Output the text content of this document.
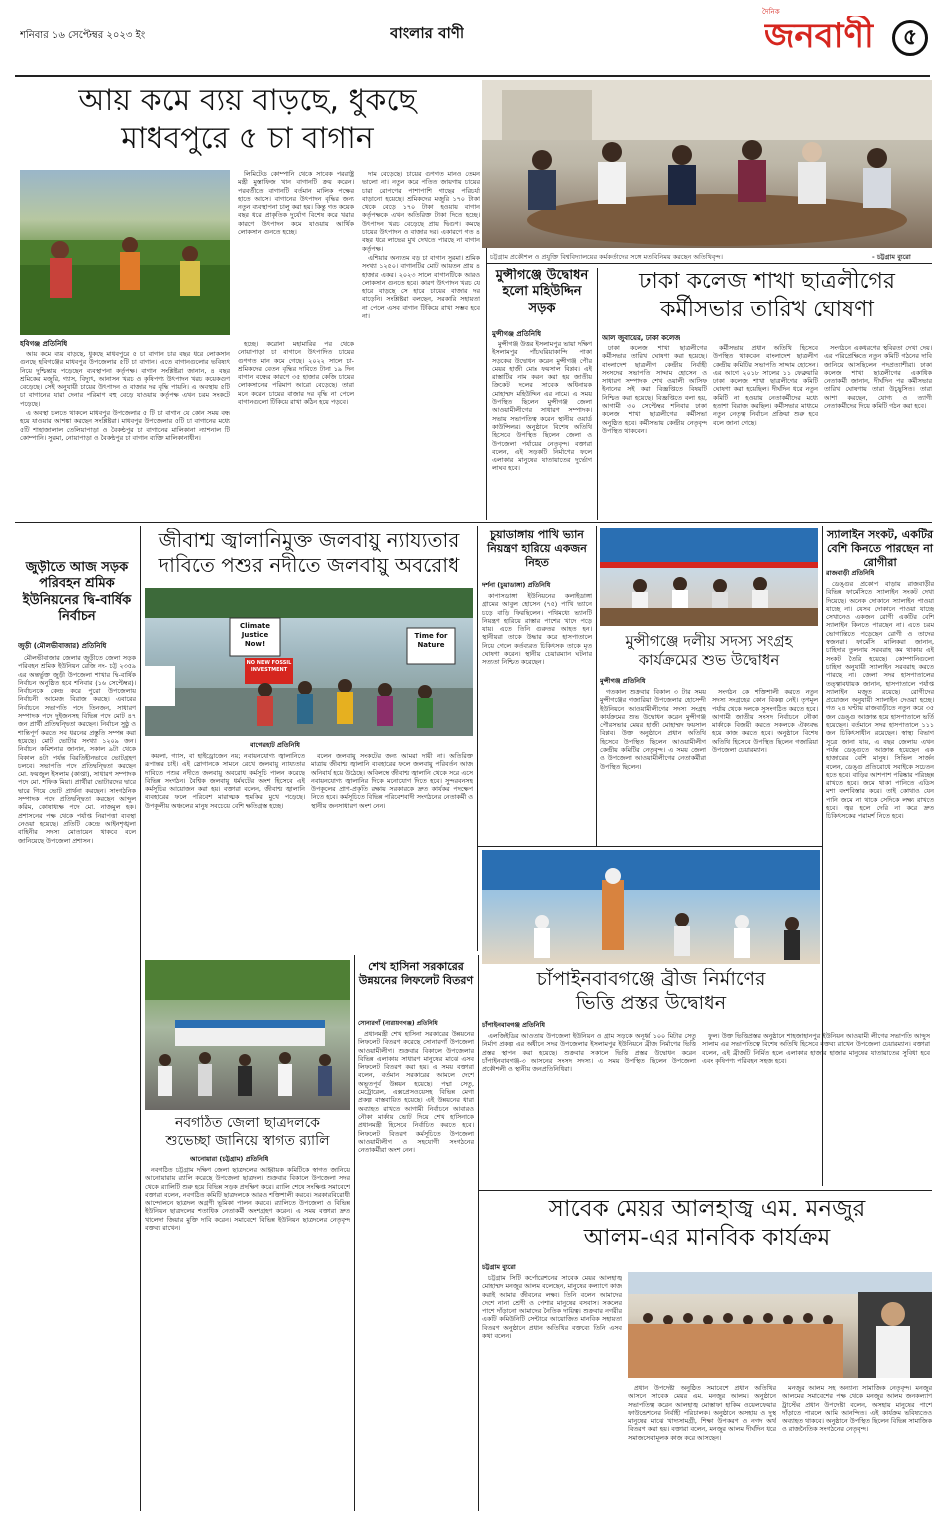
শনিবার ১৬ সেপ্টেম্বর ২০২৩ ইং	বাংলার বাণী
দৈনিক
জনবাণী	৫
আয় কমে ব্যয় বাড়ছে, ধুকছে
মাধবপুরে ৫ চা বাগান
হবিগঞ্জ প্রতিনিধি

আয় কমে ব্যয় বাড়ছে, ধুকছে মাধবপুরে ৫ চা বাগান চার বছর ধরে লোকসান গুনছে হবিগঞ্জের মাধবপুর উপজেলার ৫টি চা বাগান। এতে বাগানগুলোর ভবিষ্যৎ নিয়ে দুশ্চিন্তায় পড়েছেন ব্যবস্থাপনা কর্তৃপক্ষ। বাগান সংশ্লিষ্টরা জানান, ৪ বছর শ্রমিকের মজুরি, গ্যাস, বিদ্যুৎ, আনাসন খরচ ও কৃষিপণ্য উৎপাদন খরচ কয়েকগুণ বেড়েছে। সেই অনুযায়ী চায়ের উৎপাদন ও বাজার দর বৃদ্ধি পায়নি। এ অবস্থায় ৫টি চা বাগানের যারা দেনার পরিমাণ বহু বেড়ে যাওয়ায় কর্তৃপক্ষ এখন চরম সংকটে পড়েছে।

এ অবস্থা চলতে থাকলে মাধবপুর উপজেলার ৫ টি চা বাগান যে কোন সময় বন্ধ হয়ে যাওয়ার আশঙ্কা করছেন সংশ্লিষ্টরা। মাধবপুর উপজেলার ৫টি চা বাগানের মধ্যে ৫টি শাহাজালাল তেলিয়াপাড়া ও বৈকন্ঠপুর চা বাগানের মালিকানা ন্যাশনাল টি কোম্পানি। সুরমা, নোয়াপাড়া ও বৈকন্ঠপুর চা বাগান ব্যক্তি মালিকানাধীন।

লিমিটেড কোম্পানি থেকে সাবেক পররাষ্ট্র মন্ত্রী মুস্তাফিজ খান বাগানটি ক্রয় করেন। পরবর্তীতে বাগানটি বর্তমান মালিক পক্ষের হাতে আসে। বাগানের উৎপাদন বৃদ্ধির জন্য নতুন ব্যবস্থাপনা চালু করা হয়। কিন্তু গত কয়েক বছর ধরে প্রাকৃতিক দুর্যোগ বিশেষ করে খরার কারণে উৎপাদন কমে যাওয়ায় আর্থিক লোকসান গুনতে হচ্ছে।

হচ্ছে। করোনা মহামারির পর থেকে নোয়াপাড়া চা বাগানে উৎপাদিত চায়ের গুণগত মান কমে গেছে। ২০২২ সালে চা-শ্রমিকদের বেতন বৃদ্ধির দাবিতে টানা ১৯ দিন বাগান বন্ধের কারণে ৩৫ হাজার কেজি চায়ের লোকসানের পরিমাণ আরো বেড়েছে। তারা মনে করেন চায়ের বাজার দর বৃদ্ধি না পেলে বাগানগুলো টিকিয়ে রাখা কঠিন হয়ে পড়বে।

দাম বেড়েছে। চায়ের গুণগত মানও তেমন ভালো না। নতুন করে পতিত জায়গায় চায়ের চারা রোপণের পাশাপাশি গাছের পরিচর্যা বাড়ানো হয়েছে। শ্রমিকদের মজুরি ১৭০ টাকা থেকে বেড়ে ১৭০ টাকা হওয়ায় বাগান কর্তৃপক্ষকে এখন অতিরিক্ত টাকা দিতে হচ্ছে। উৎপাদন খরচ বেড়েছে প্রায় দ্বিগুণ। কমছে চায়ের উৎপাদন ও বাজার দর। একারণে গত ৪ বছর ধরে লাভের মুখ দেখতে পারছে না বাগান কর্তৃপক্ষ।

এশিয়ার অন্যতম বড় চা বাগান সুরমা। শ্রমিক সংখ্যা ১২৫০। বাগানটির মোট আয়তন প্রায় ৪ হাজার একর। ২০২৩ সালে বাগানটিকে আরও লোকসান গুনতে হবে। কারণ উৎপাদন খরচ যে হারে বাড়ছে সে হারে চায়ের বাজার দর বাড়েনি। সংশ্লিষ্টরা বলছেন, সরকারি সহায়তা না পেলে এসব বাগান টিকিয়ে রাখা সম্ভব হবে না।

চট্টগ্রাম প্রকৌশল ও প্রযুক্তি বিশ্ববিদ্যালয়ের কর্মকর্তাদের সঙ্গে মতবিনিময় করছেন অতিথিবৃন্দ।	- চট্টগ্রাম ব্যুরো
মুন্সীগঞ্জে উদ্বোধন হলো মহিউদ্দিন সড়ক
মুন্সীগঞ্জ প্রতিনিধি

মুন্সীগঞ্জ উত্তর ইসলামপুর ভায়া দক্ষিণ ইসলামপুর পাঁচঘরিয়াকান্দি পাকা সড়কের উদ্বোধন করেন মুন্সীগঞ্জ পৌর মেয়র হাজী মোঃ ফয়সাল বিপ্লব। এই রাস্তাটির নাম করন করা হয় জাতীয় ক্রিকেট দলের সাবেক অধিনায়ক মোহাম্মদ মহিউদ্দিন এর নামে। এ সময় উপস্থিত ছিলেন মুন্সীগঞ্জ জেলা আওয়ামীলীগের সাধারণ সম্পাদক। সভায় সভাপতিত্ব করেন স্থানীয় ওয়ার্ড কাউন্সিলর। অনুষ্ঠানে বিশেষ অতিথি হিসেবে উপস্থিত ছিলেন জেলা ও উপজেলা পর্যায়ের নেতৃবৃন্দ। বক্তারা বলেন, এই সড়কটি নির্মাণের ফলে এলাকার মানুষের যাতায়াতের দুর্ভোগ লাঘব হবে।

ঢাকা কলেজ শাখা ছাত্রলীগের
কর্মীসভার তারিখ ঘোষণা
আল জুবায়ের, ঢাকা কলেজ

ঢাকা কলেজ শাখা ছাত্রলীগের কর্মীসভার তারিখ ঘোষণা করা হয়েছে। বাংলাদেশ ছাত্রলীগ কেন্দ্রীয় নির্বাহী সংসদের সভাপতি সাদ্দাম হোসেন ও সাধারণ সম্পাদক শেখ ওয়ালী আসিফ ইনানের সই করা বিজ্ঞপ্তিতে বিষয়টি নিশ্চিত করা হয়েছে। বিজ্ঞপ্তিতে বলা হয়, আগামী ৩০ সেপ্টেম্বর শনিবার ঢাকা কলেজ শাখা ছাত্রলীগের কর্মীসভা অনুষ্ঠিত হবে। কর্মীসভায় কেন্দ্রীয় নেতৃবৃন্দ উপস্থিত থাকবেন।

কর্মীসভায় প্রধান অতিথি হিসেবে উপস্থিত থাকবেন বাংলাদেশ ছাত্রলীগ কেন্দ্রীয় কমিটির সভাপতি সাদ্দাম হোসেন। এর আগে ২০১৮ সালের ১১ ফেব্রুয়ারি ঢাকা কলেজ শাখা ছাত্রলীগের কমিটি ঘোষণা করা হয়েছিল। দীর্ঘদিন ধরে নতুন কমিটি না হওয়ায় নেতাকর্মীদের মধ্যে হতাশা বিরাজ করছিল। কর্মীসভার মাধ্যমে নতুন নেতৃত্ব নির্বাচন প্রক্রিয়া শুরু হবে বলে জানা গেছে।

সংগঠনে একধরণের স্থবিরতা দেখা দেয়। এর পরিপ্রেক্ষিতে নতুন কমিটি গঠনের দাবি জানিয়ে আসছিলেন পদপ্রত্যাশীরা। ঢাকা কলেজ শাখা ছাত্রলীগের একাধিক নেতাকর্মী জানান, দীর্ঘদিন পর কর্মীসভার তারিখ ঘোষণায় তারা উচ্ছ্বসিত। তারা আশা করছেন, যোগ্য ও ত্যাগী নেতাকর্মীদের দিয়ে কমিটি গঠন করা হবে।

জুড়ীতে আজ সড়ক পরিবহন শ্রমিক ইউনিয়নের দ্বি-বার্ষিক নির্বাচন
জুড়ী (মৌলভীবাজার) প্রতিনিধি

মৌলভীবাজার জেলার জুড়ীতে জেলা সড়ক পরিবহন শ্রমিক ইউনিয়ন রেজি নং- চট্ট ২৩৫৯ এর অন্তর্ভুক্ত জুড়ী উপজেলা শাখার দ্বি-বার্ষিক নির্বাচন অনুষ্ঠিত হবে শনিবার (১৬ সেপ্টেম্বর)। নির্বাচনকে কেন্দ্র করে পুরো উপজেলায় নির্বাচনী আমেজ বিরাজ করছে। এবারের নির্বাচনে সভাপতি পদে তিনজন, সাধারণ সম্পাদক পদে দুইজনসহ বিভিন্ন পদে মোট ৪৭ জন প্রার্থী প্রতিদ্বন্দ্বিতা করছেন। নির্বাচন সুষ্ঠু ও শান্তিপূর্ণ করতে সব ধরনের প্রস্তুতি সম্পন্ন করা হয়েছে। মোট ভোটার সংখ্যা ১২০৯ জন। নির্বাচন কমিশনার জানান, সকাল ৯টা থেকে বিকাল ৪টা পর্যন্ত বিরতিহীনভাবে ভোটগ্রহণ চলবে। সভাপতি পদে প্রতিদ্বন্দ্বিতা করছেন মো. ফয়জুল ইসলাম (কাপ্তা), সাধারণ সম্পাদক পদে মো. শফিক মিয়া। প্রার্থীরা ভোটারদের দ্বারে দ্বারে গিয়ে ভোট প্রার্থনা করছেন। সাংগঠনিক সম্পাদক পদে প্রতিদ্বন্দ্বিতা করছেন আব্দুল করিম, কোষাধ্যক্ষ পদে মো. নাজমুল হক। প্রশাসনের পক্ষ থেকে পর্যাপ্ত নিরাপত্তা ব্যবস্থা নেওয়া হয়েছে। প্রতিটি কেন্দ্রে আইনশৃঙ্খলা বাহিনীর সদস্য মোতায়েন থাকবে বলে জানিয়েছে উপজেলা প্রশাসন।

জীবাশ্ম জ্বালানিমুক্ত জলবায়ু ন্যায্যতার
দাবিতে পশুর নদীতে জলবায়ু অবরোধ
Climate Justice Now!
Time for Nature
NO NEW FOSSIL INVESTMENT
বাগেরহাট প্রতিনিধি

কয়লা, গ্যাস, বা হাইড্রোজেন নয়; নবায়নযোগ্য জ্বালানিতে রূপান্তর চাই। এই স্লোগানকে সামনে রেখে জলবায়ু ন্যায্যতার দাবিতে পশুর নদীতে জলবায়ু অবরোধ কর্মসূচি পালন করেছে বিভিন্ন সংগঠন। বৈশ্বিক জলবায়ু ধর্মঘটের অংশ হিসেবে এই কর্মসূচির আয়োজন করা হয়। বক্তারা বলেন, জীবাশ্ম জ্বালানি ব্যবহারের ফলে পরিবেশ মারাত্মক হুমকির মুখে পড়েছে। উপকূলীয় অঞ্চলের মানুষ সবচেয়ে বেশি ক্ষতিগ্রস্ত হচ্ছে।

বলেন জলবায়ু সংকটের জন্য আমরা দায়ী না। অতিরিক্ত মাত্রায় জীবাশ্ম জ্বালানি ব্যবহারের ফলে জলবায়ু পরিবর্তন আজ অনিবার্য হয়ে উঠেছে। অবিলম্বে জীবাশ্ম জ্বালানি থেকে সরে এসে নবায়নযোগ্য জ্বালানির দিকে মনোযোগ দিতে হবে। সুন্দরবনসহ উপকূলের প্রাণ-প্রকৃতি রক্ষায় সরকারকে দ্রুত কার্যকর পদক্ষেপ নিতে হবে। কর্মসূচিতে বিভিন্ন পরিবেশবাদী সংগঠনের নেতাকর্মী ও স্থানীয় জনসাধারণ অংশ নেন।

চুয়াডাঙ্গায় পাখি ভ্যান নিয়ন্ত্রণ হারিয়ে একজন নিহত
দর্শনা (চুয়াডাঙ্গা) প্রতিনিধি

কাপাসডাঙ্গা ইউনিয়নের কলাইডাঙ্গা গ্রামের আবুল হোসেন (৭৫) পাখি ভ্যানে চড়ে বাড়ি ফিরছিলেন। পথিমধ্যে ভ্যানটি নিয়ন্ত্রণ হারিয়ে রাস্তার পাশের খাদে পড়ে যায়। এতে তিনি গুরুতর আহত হন। স্থানীয়রা তাকে উদ্ধার করে হাসপাতালে নিয়ে গেলে কর্তব্যরত চিকিৎসক তাকে মৃত ঘোষণা করেন। স্থানীয় চেয়ারম্যান ঘটনার সত্যতা নিশ্চিত করেছেন।

মুন্সীগঞ্জে দলীয় সদস্য সংগ্রহ
কার্যক্রমের শুভ উদ্বোধন
মুন্সীগঞ্জ প্রতিনিধি

গতকাল শুক্রবার বিকাল ৩ টার সময় মুন্সীগঞ্জের গজারিয়া উপজেলার হোসেন্দী ইউনিয়নে আওয়ামীলীগের সদস্য সংগ্রহ কার্যক্রমের শুভ উদ্বোধন করেন মুন্সীগঞ্জ পৌরসভার মেয়র হাজী মোহাম্মদ ফয়সাল বিপ্লব। উক্ত অনুষ্ঠানে প্রধান অতিথি হিসেবে উপস্থিত ছিলেন আওয়ামীলীগ কেন্দ্রীয় কমিটির নেতৃবৃন্দ। এ সময় জেলা ও উপজেলা আওয়ামীলীগের নেতাকর্মীরা উপস্থিত ছিলেন।

সংগঠন কে শক্তিশালী করতে নতুন সদস্য সংগ্রহের কোন বিকল্প নেই। তৃণমূল পর্যায় থেকে দলকে সুসংগঠিত করতে হবে। আগামী জাতীয় সংসদ নির্বাচনে নৌকা মার্কাকে বিজয়ী করতে সকলকে ঐক্যবদ্ধ হয়ে কাজ করতে হবে। অনুষ্ঠানে বিশেষ অতিথি হিসেবে উপস্থিত ছিলেন গজারিয়া উপজেলা চেয়ারম্যান।

স্যালাইন সংকট, একটির বেশি কিনতে পারছেন না রোগীরা
রাজবাড়ী প্রতিনিধি

ডেঙ্গুর প্রকোপ বাড়ায় রাজবাড়ীর বিভিন্ন ফার্মেসিতে স্যালাইন সংকট দেখা দিয়েছে। অনেক দোকানে স্যালাইন পাওয়া যাচ্ছে না। যেসব দোকানে পাওয়া যাচ্ছে সেখানেও একজন রোগী একটির বেশি স্যালাইন কিনতে পারছেন না। এতে চরম ভোগান্তিতে পড়েছেন রোগী ও তাদের স্বজনরা। ফার্মেসি মালিকরা জানান, চাহিদার তুলনায় সরবরাহ কম থাকায় এই সংকট তৈরি হয়েছে। কোম্পানিগুলো চাহিদা অনুযায়ী স্যালাইন সরবরাহ করতে পারছে না। জেলা সদর হাসপাতালের তত্ত্বাবধায়ক জানান, হাসপাতালে পর্যাপ্ত স্যালাইন মজুত রয়েছে। রোগীদের প্রয়োজন অনুযায়ী স্যালাইন দেওয়া হচ্ছে। গত ২৪ ঘণ্টায় রাজবাড়ীতে নতুন করে ৩৫ জন ডেঙ্গু আক্রান্ত হয়ে হাসপাতালে ভর্তি হয়েছেন। বর্তমানে সদর হাসপাতালে ১১১ জন চিকিৎসাধীন রয়েছেন। স্বাস্থ্য বিভাগ সূত্রে জানা যায়, এ বছর জেলায় এখন পর্যন্ত ডেঙ্গুতে আক্রান্ত হয়েছেন এক হাজারের বেশি মানুষ। সিভিল সার্জন বলেন, ডেঙ্গু প্রতিরোধে সবাইকে সচেতন হতে হবে। বাড়ির আশপাশ পরিষ্কার পরিচ্ছন্ন রাখতে হবে। জমে থাকা পানিতে এডিস মশা বংশবিস্তার করে। তাই কোথাও যেন পানি জমে না থাকে সেদিকে লক্ষ্য রাখতে হবে। জ্বর হলে দেরি না করে দ্রুত চিকিৎসকের পরামর্শ নিতে হবে।

নবগঠিত জেলা ছাত্রদলকে
শুভেচ্ছা জানিয়ে স্বাগত র‍্যালি
আনোয়ারা (চট্টগ্রাম) প্রতিনিধি

নবগঠিত চট্টগ্রাম দক্ষিণ জেলা ছাত্রদলের আহ্বায়ক কমিটিকে স্বাগত জানিয়ে আনোয়ারায় র‍্যালি করেছে উপজেলা ছাত্রদল। শুক্রবার বিকালে উপজেলা সদর থেকে র‍্যালিটি শুরু হয়ে বিভিন্ন সড়ক প্রদক্ষিণ করে। র‍্যালি শেষে সংক্ষিপ্ত সমাবেশে বক্তারা বলেন, নবগঠিত কমিটি ছাত্রদলকে আরও শক্তিশালী করবে। সরকারবিরোধী আন্দোলনে ছাত্রদল অগ্রণী ভূমিকা পালন করবে। র‍্যালিতে উপজেলা ও বিভিন্ন ইউনিয়ন ছাত্রদলের শতাধিক নেতাকর্মী অংশগ্রহণ করেন। এ সময় বক্তারা দ্রুত খালেদা জিয়ার মুক্তি দাবি করেন। সমাবেশে বিভিন্ন ইউনিয়ন ছাত্রদলের নেতৃবৃন্দ বক্তব্য রাখেন।

শেখ হাসিনা সরকারের উন্নয়নের লিফলেট বিতরণ
সোনারগাঁ (নারায়ণগঞ্জ) প্রতিনিধি

প্রধানমন্ত্রী শেখ হাসিনা সরকারের উন্নয়নের লিফলেট বিতরণ করেছে সোনারগাঁ উপজেলা আওয়ামীলীগ। শুক্রবার বিকালে উপজেলার বিভিন্ন এলাকায় সাধারণ মানুষের মাঝে এসব লিফলেট বিতরণ করা হয়। এ সময় বক্তারা বলেন, বর্তমান সরকারের আমলে দেশে অভূতপূর্ব উন্নয়ন হয়েছে। পদ্মা সেতু, মেট্রোরেল, এক্সপ্রেসওয়েসহ বিভিন্ন মেগা প্রকল্প বাস্তবায়িত হয়েছে। এই উন্নয়নের ধারা অব্যাহত রাখতে আগামী নির্বাচনে আবারও নৌকা মার্কায় ভোট দিয়ে শেখ হাসিনাকে প্রধানমন্ত্রী হিসেবে নির্বাচিত করতে হবে। লিফলেট বিতরণ কর্মসূচিতে উপজেলা আওয়ামীলীগ ও সহযোগী সংগঠনের নেতাকর্মীরা অংশ নেন।

চাঁপাইনবাবগঞ্জে ব্রীজ নির্মাণের
ভিত্তি প্রস্তর উদ্বোধন
চাঁপাইনবাবগঞ্জ প্রতিনিধি

এলজিইডির আওতায় উপজেলা ইউনিয়ন ও গ্রাম সড়কে অনূর্ধ্ব ১০০ মিটার সেতু নির্মাণ প্রকল্প এর অধীনে সদর উপজেলার ইসলামপুর ইউনিয়নে ব্রীজ নির্মাণের ভিত্তি প্রস্তর স্থাপন করা হয়েছে। শুক্রবার সকালে ভিত্তি প্রস্তর উদ্বোধন করেন চাঁপাইনবাবগঞ্জ-৩ আসনের সংসদ সদস্য। এ সময় উপস্থিত ছিলেন উপজেলা প্রকৌশলী ও স্থানীয় জনপ্রতিনিধিরা।

ফুল। উক্ত ভিত্তিপ্রস্তর অনুষ্ঠানে শাহজাহানপুর ইউনিয়ন আওয়ামী লীগের সভাপতি আব্দুস সালাম এর সভাপতিত্বে বিশেষ অতিথি হিসেবে বক্তব্য রাখেন উপজেলা চেয়ারম্যান। বক্তারা বলেন, এই ব্রীজটি নির্মিত হলে এলাকার হাজার হাজার মানুষের যাতায়াতের সুবিধা হবে এবং কৃষিপণ্য পরিবহন সহজ হবে।

সাবেক মেয়র আলহাজ্ব এম. মনজুর
আলম-এর মানবিক কার্যক্রম
চট্টগ্রাম ব্যুরো

চট্টগ্রাম সিটি কর্পোরেশনের সাবেক মেয়র আলহাজ্ব মোহাম্মদ মনজুর আলম বলেছেন, মানুষের কল্যাণে কাজ করাই আমার জীবনের লক্ষ্য। তিনি বলেন আমাদের দেশে নানা শ্রেণী ও পেশার মানুষের বসবাস। সকলের পাশে দাঁড়ানো আমাদের নৈতিক দায়িত্ব। শুক্রবার নগরীর একটি কমিউনিটি সেন্টারে আয়োজিত মানবিক সহায়তা বিতরণ অনুষ্ঠানে প্রধান অতিথির বক্তব্যে তিনি এসব কথা বলেন।

প্রধান উপদেষ্টা অনুষ্ঠিত সমাবেশে প্রধান অতিথির আসনে সাবেক মেয়র এম. মনজুর আলম। অনুষ্ঠানে সভাপতিত্ব করেন আলহাজ্ব মোস্তাফা হাকিম ওয়েলফেয়ার ফাউন্ডেশনের নির্বাহী পরিচালক। অনুষ্ঠানে অসহায় ও দুস্থ মানুষের মাঝে খাদ্যসামগ্রী, শিক্ষা উপকরণ ও নগদ অর্থ বিতরণ করা হয়। বক্তারা বলেন, মনজুর আলম দীর্ঘদিন ধরে সমাজসেবামূলক কাজ করে আসছেন।

মনজুর আলম সহ অন্যান্য সামাজিক নেতৃবৃন্দ। মনজুর আলমের সমাবেশের পক্ষ থেকে মনজুর আলম জনকল্যাণ ট্রাস্টের প্রধান উপদেষ্টা বলেন, অসহায় মানুষের পাশে দাঁড়াতে পারলে আমি আনন্দিত। এই কার্যক্রম ভবিষ্যতেও অব্যাহত থাকবে। অনুষ্ঠানে উপস্থিত ছিলেন বিভিন্ন সামাজিক ও রাজনৈতিক সংগঠনের নেতৃবৃন্দ।
